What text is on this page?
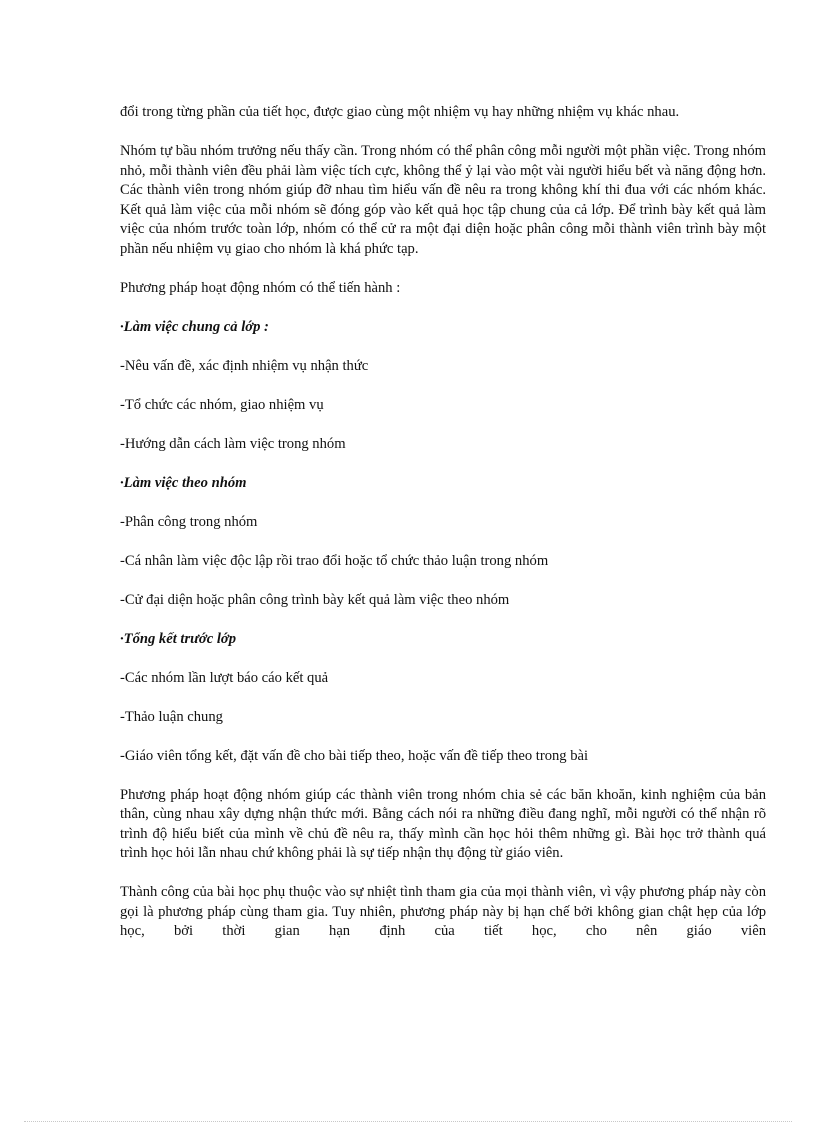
đổi trong từng phần của tiết học, được giao cùng một nhiệm vụ hay những nhiệm vụ khác nhau.

Nhóm tự bầu nhóm trưởng nếu thấy cần. Trong nhóm có thể phân công mỗi người một phần việc. Trong nhóm nhỏ, mỗi thành viên đều phải làm việc tích cực, không thể ỷ lại vào một vài người hiểu bết và năng động hơn. Các thành viên trong nhóm giúp đỡ nhau tìm hiểu vấn đề nêu ra trong không khí thi đua với các nhóm khác. Kết quả làm việc của mỗi nhóm sẽ đóng góp vào kết quả học tập chung của cả lớp. Để trình bày kết quả làm việc của nhóm trước toàn lớp, nhóm có thể cử ra một đại diện hoặc phân công mỗi thành viên trình bày một phần nếu nhiệm vụ giao cho nhóm là khá phức tạp.

Phương pháp hoạt động nhóm có thể tiến hành :

·Làm việc chung cả lớp :

-Nêu vấn đề, xác định nhiệm vụ nhận thức

-Tổ chức các nhóm, giao nhiệm vụ

-Hướng dẫn cách làm việc trong nhóm

·Làm việc theo nhóm

-Phân công trong nhóm

-Cá nhân làm việc độc lập rồi trao đổi hoặc tổ chức thảo luận trong nhóm

-Cử đại diện hoặc phân công trình bày kết quả làm việc theo nhóm

·Tổng kết trước lớp

-Các nhóm lần lượt báo cáo kết quả

-Thảo luận chung

-Giáo viên tổng kết, đặt vấn đề cho bài tiếp theo, hoặc vấn đề tiếp theo trong bài

Phương pháp hoạt động nhóm giúp các thành viên trong nhóm chia sẻ các băn khoăn, kinh nghiệm của bản thân, cùng nhau xây dựng nhận thức mới. Bằng cách nói ra những điều đang nghĩ, mỗi người có thể nhận rõ trình độ hiểu biết của mình về chủ đề nêu ra, thấy mình cần học hỏi thêm những gì. Bài học trở thành quá trình học hỏi lẫn nhau chứ không phải là sự tiếp nhận thụ động từ giáo viên.

Thành công của bài học phụ thuộc vào sự nhiệt tình tham gia của mọi thành viên, vì vậy phương pháp này còn gọi là phương pháp cùng tham gia. Tuy nhiên, phương pháp này bị hạn chế bởi không gian chật hẹp của lớp học, bởi thời gian hạn định của tiết học, cho nên giáo viên
